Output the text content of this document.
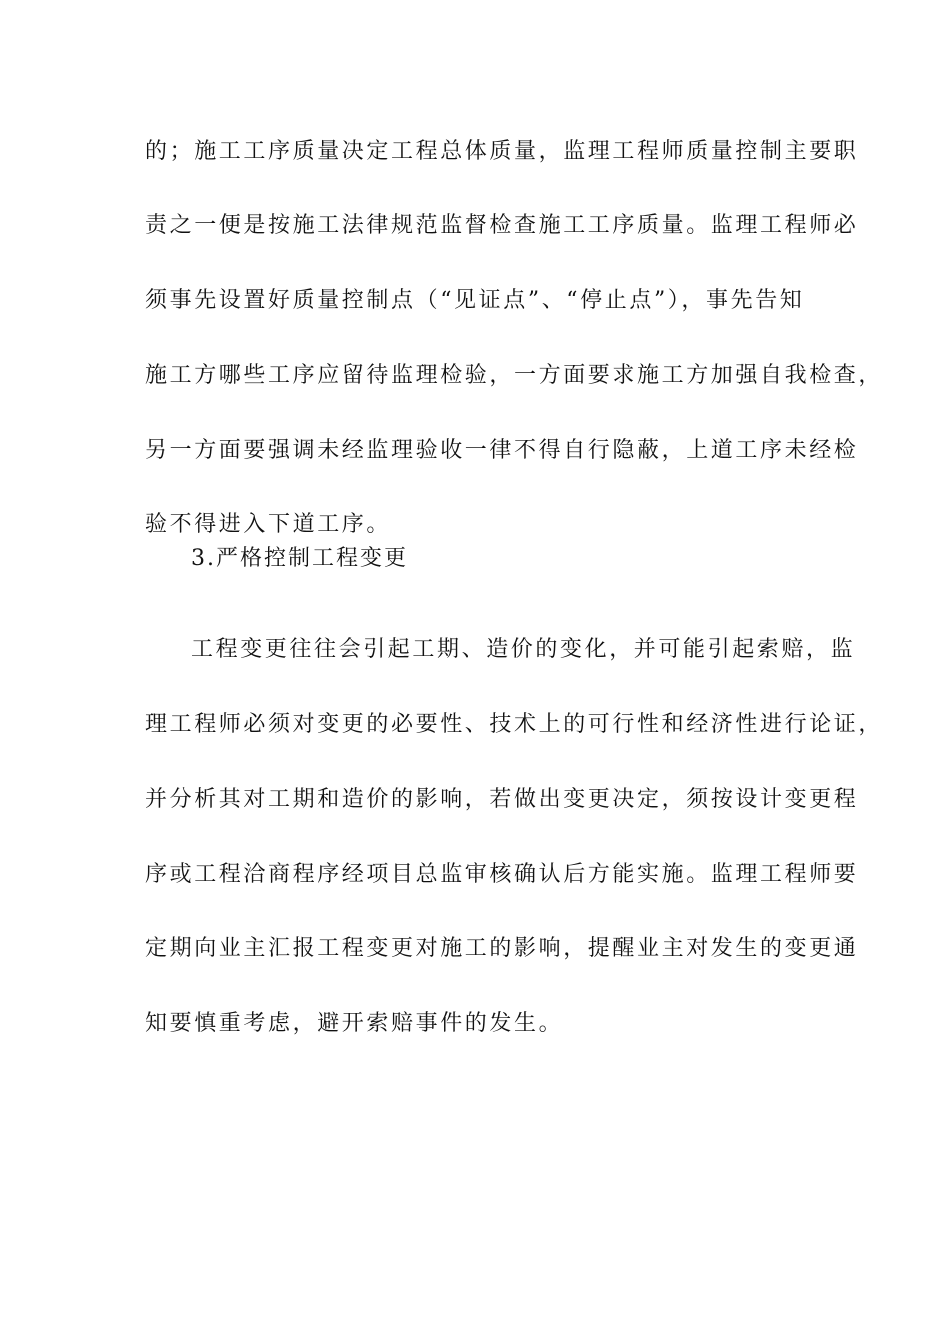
的；施工工序质量决定工程总体质量，监理工程师质量控制主要职
责之一便是按施工法律规范监督检查施工工序质量。监理工程师必
须事先设置好质量控制点（“见证点”、“停止点”），事先告知
施工方哪些工序应留待监理检验，一方面要求施工方加强自我检查，
另一方面要强调未经监理验收一律不得自行隐蔽，上道工序未经检
验不得进入下道工序。
3.严格控制工程变更
工程变更往往会引起工期、造价的变化，并可能引起索赔，监
理工程师必须对变更的必要性、技术上的可行性和经济性进行论证，
并分析其对工期和造价的影响，若做出变更决定，须按设计变更程
序或工程洽商程序经项目总监审核确认后方能实施。监理工程师要
定期向业主汇报工程变更对施工的影响，提醒业主对发生的变更通
知要慎重考虑，避开索赔事件的发生。
